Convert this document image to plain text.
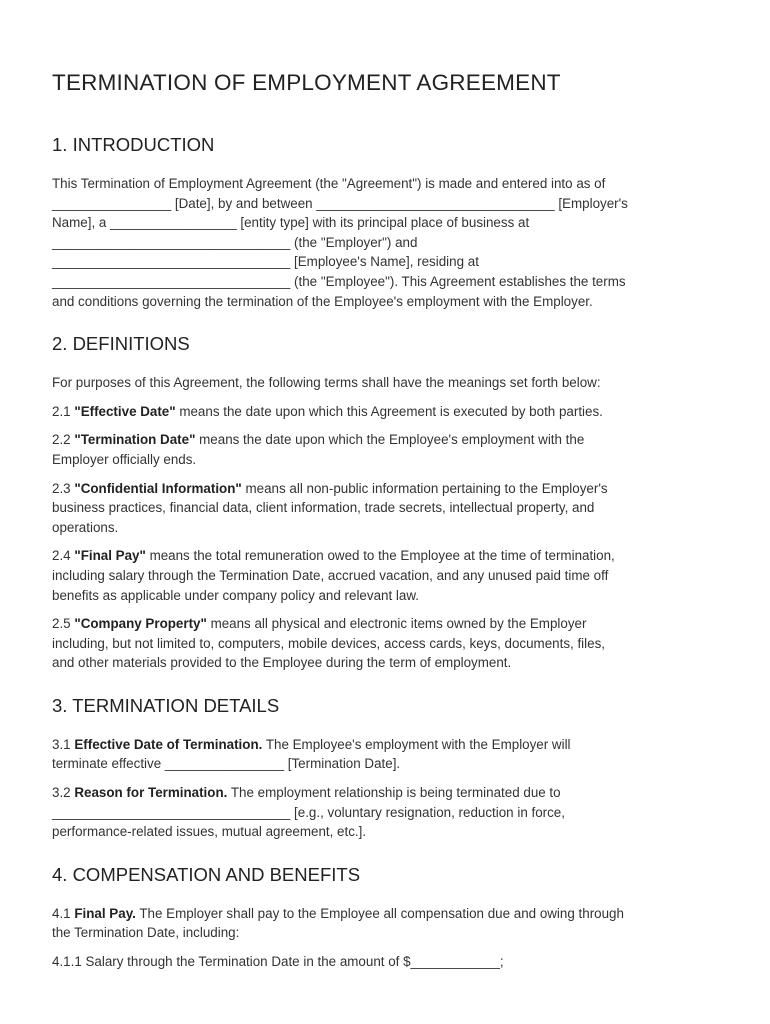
TERMINATION OF EMPLOYMENT AGREEMENT
1. INTRODUCTION

This Termination of Employment Agreement (the "Agreement") is made and entered into as of
________________ [Date], by and between ________________________________ [Employer's
Name], a _________________ [entity type] with its principal place of business at
________________________________ (the "Employer") and
________________________________ [Employee's Name], residing at
________________________________ (the "Employee"). This Agreement establishes the terms
and conditions governing the termination of the Employee's employment with the Employer.

2. DEFINITIONS

For purposes of this Agreement, the following terms shall have the meanings set forth below:

2.1 "Effective Date" means the date upon which this Agreement is executed by both parties.

2.2 "Termination Date" means the date upon which the Employee's employment with the
Employer officially ends.

2.3 "Confidential Information" means all non-public information pertaining to the Employer's
business practices, financial data, client information, trade secrets, intellectual property, and
operations.

2.4 "Final Pay" means the total remuneration owed to the Employee at the time of termination,
including salary through the Termination Date, accrued vacation, and any unused paid time off
benefits as applicable under company policy and relevant law.

2.5 "Company Property" means all physical and electronic items owned by the Employer
including, but not limited to, computers, mobile devices, access cards, keys, documents, files,
and other materials provided to the Employee during the term of employment.

3. TERMINATION DETAILS

3.1 Effective Date of Termination. The Employee's employment with the Employer will
terminate effective ________________ [Termination Date].

3.2 Reason for Termination. The employment relationship is being terminated due to
________________________________ [e.g., voluntary resignation, reduction in force,
performance-related issues, mutual agreement, etc.].

4. COMPENSATION AND BENEFITS

4.1 Final Pay. The Employer shall pay to the Employee all compensation due and owing through
the Termination Date, including:

4.1.1 Salary through the Termination Date in the amount of $____________;
